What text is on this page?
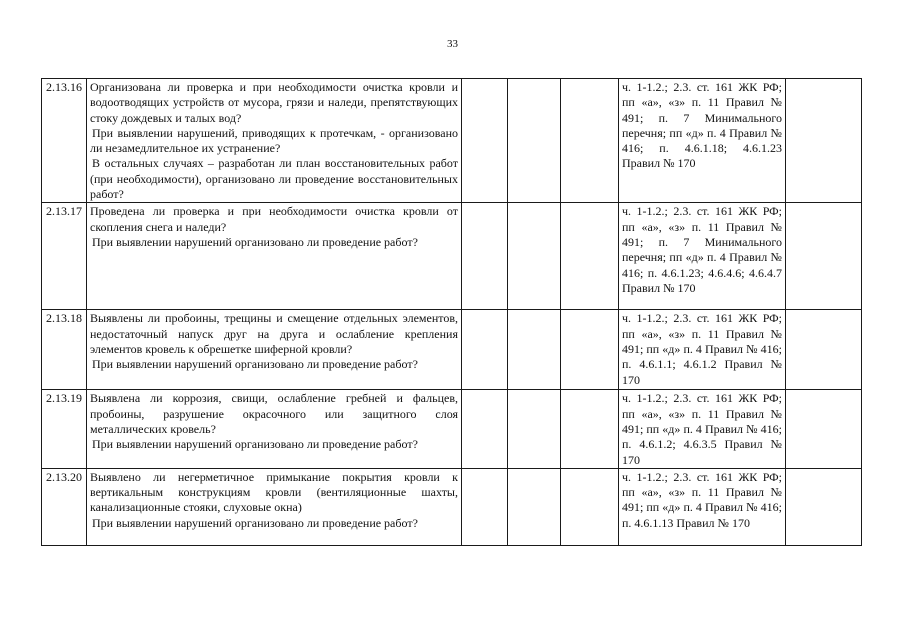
33
2.13.16	Организована ли проверка и при необходимости очистка кровли и водоотводящих устройств от мусора, грязи и наледи, препятствующих стоку дождевых и талых вод?
При выявлении нарушений, приводящих к протечкам, - организовано ли незамедлительное их устранение?
В остальных случаях – разработан ли план восстановительных работ (при необходимости), организовано ли проведение восстановительных работ?				ч. 1-1.2.; 2.3. ст. 161 ЖК РФ; пп «а», «з» п. 11 Правил № 491; п. 7 Минимального перечня; пп «д» п. 4 Правил № 416; п. 4.6.1.18; 4.6.1.23 Правил № 170	
2.13.17	Проведена ли проверка и при необходимости очистка кровли от скопления снега и наледи?
При выявлении нарушений организовано ли проведение работ?				ч. 1-1.2.; 2.3. ст. 161 ЖК РФ; пп «а», «з» п. 11 Правил № 491; п. 7 Минимального перечня; пп «д» п. 4 Правил № 416; п. 4.6.1.23; 4.6.4.6; 4.6.4.7 Правил № 170	
2.13.18	Выявлены ли пробоины, трещины и смещение отдельных элементов, недостаточный напуск друг на друга и ослабление крепления элементов кровель к обрешетке шиферной кровли?
При выявлении нарушений организовано ли проведение работ?				ч. 1-1.2.; 2.3. ст. 161 ЖК РФ; пп «а», «з» п. 11 Правил № 491; пп «д» п. 4 Правил № 416; п. 4.6.1.1; 4.6.1.2 Правил № 170	
2.13.19	Выявлена ли коррозия, свищи, ослабление гребней и фальцев, пробоины, разрушение окрасочного или защитного слоя металлических кровель?
При выявлении нарушений организовано ли проведение работ?				ч. 1-1.2.; 2.3. ст. 161 ЖК РФ; пп «а», «з» п. 11 Правил № 491; пп «д» п. 4 Правил № 416; п. 4.6.1.2; 4.6.3.5 Правил № 170	
2.13.20	Выявлено ли негерметичное примыкание покрытия кровли к вертикальным конструкциям кровли (вентиляционные шахты, канализационные стояки, слуховые окна)
При выявлении нарушений организовано ли проведение работ?				ч. 1-1.2.; 2.3. ст. 161 ЖК РФ; пп «а», «з» п. 11 Правил № 491; пп «д» п. 4 Правил № 416; п. 4.6.1.13 Правил № 170	
